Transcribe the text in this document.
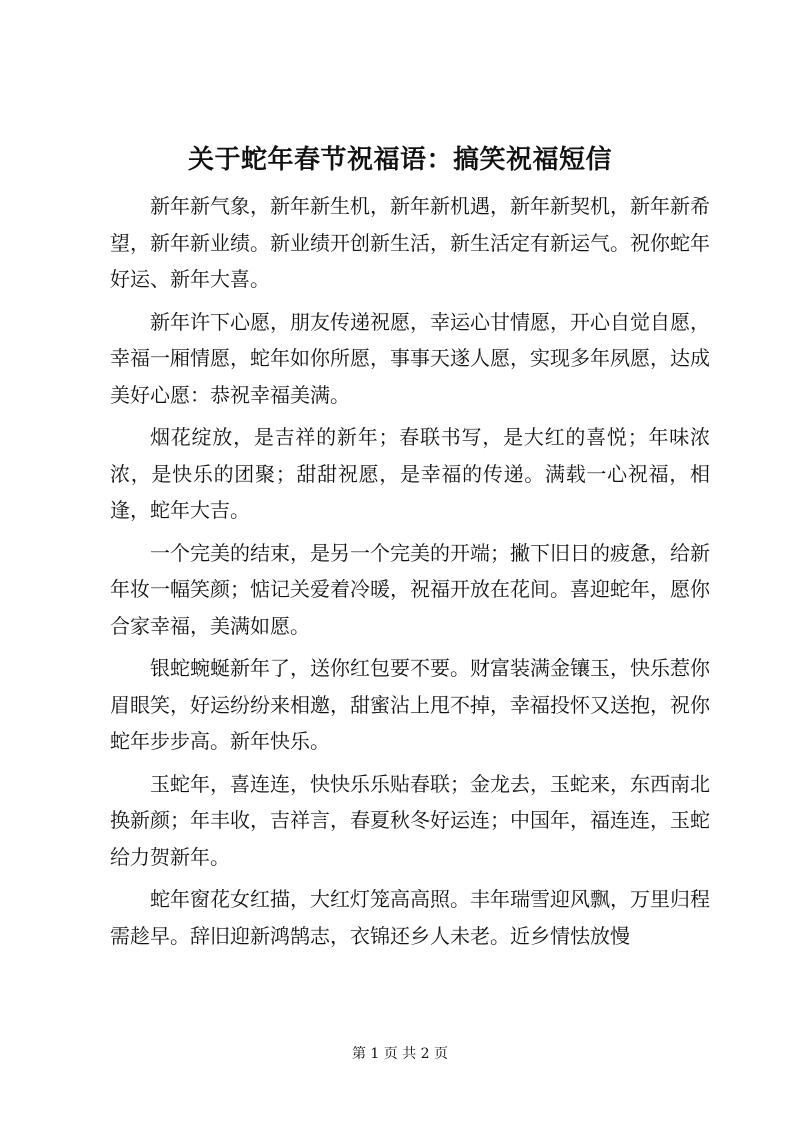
关于蛇年春节祝福语：搞笑祝福短信

新年新气象，新年新生机，新年新机遇，新年新契机，新年新希望，新年新业绩。新业绩开创新生活，新生活定有新运气。祝你蛇年好运、新年大喜。

新年许下心愿，朋友传递祝愿，幸运心甘情愿，开心自觉自愿，幸福一厢情愿，蛇年如你所愿，事事天遂人愿，实现多年夙愿，达成美好心愿：恭祝幸福美满。

烟花绽放，是吉祥的新年；春联书写，是大红的喜悦；年味浓浓，是快乐的团聚；甜甜祝愿，是幸福的传递。满载一心祝福，相逢，蛇年大吉。

一个完美的结束，是另一个完美的开端；撇下旧日的疲惫，给新年妆一幅笑颜；惦记关爱着冷暖，祝福开放在花间。喜迎蛇年，愿你合家幸福，美满如愿。

银蛇蜿蜒新年了，送你红包要不要。财富装满金镶玉，快乐惹你眉眼笑，好运纷纷来相邀，甜蜜沾上甩不掉，幸福投怀又送抱，祝你蛇年步步高。新年快乐。

玉蛇年，喜连连，快快乐乐贴春联；金龙去，玉蛇来，东西南北换新颜；年丰收，吉祥言，春夏秋冬好运连；中国年，福连连，玉蛇给力贺新年。

蛇年窗花女红描，大红灯笼高高照。丰年瑞雪迎风飘，万里归程需趁早。辞旧迎新鸿鹄志，衣锦还乡人未老。近乡情怯放慢

第 1 页 共 2 页
